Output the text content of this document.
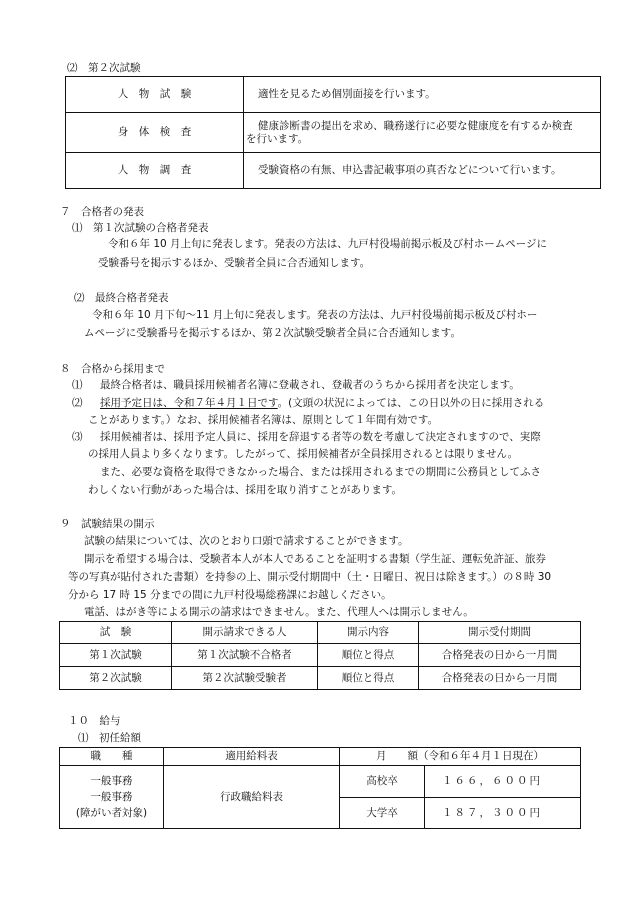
⑵　第２次試験
人　物　試　験	適性を見るため個別面接を行います。
身　体　検　査	健康診断書の提出を求め、職務遂行に必要な健康度を有するか検査
を行います。

人　物　調　査	受験資格の有無、申込書記載事項の真否などについて行います。
７　合格者の発表
⑴　第１次試験の合格者発表
令和６年 10 月上旬に発表します。発表の方法は、九戸村役場前掲示板及び村ホームページに
受験番号を掲示するほか、受験者全員に合否通知します。
⑵　最終合格者発表
令和６年 10 月下旬～11 月上旬に発表します。発表の方法は、九戸村役場前掲示板及び村ホー
ムページに受験番号を掲示するほか、第２次試験受験者全員に合否通知します。
８　合格から採用まで
⑴ 最終合格者は、職員採用候補者名簿に登載され、登載者のうちから採用者を決定します。
⑵ 採用予定日は、令和７年４月１日です。(文頭の状況によっては、この日以外の日に採用される
ことがあります。）なお、採用候補者名簿は、原則として１年間有効です。
⑶ 採用候補者は、採用予定人員に、採用を辞退する者等の数を考慮して決定されますので、実際
の採用人員より多くなります。したがって、採用候補者が全員採用されるとは限りません。
また、必要な資格を取得できなかった場合、または採用されるまでの期間に公務員としてふさ
わしくない行動があった場合は、採用を取り消すことがあります。
９　試験結果の開示
試験の結果については、次のとおり口頭で請求することができます。
開示を希望する場合は、受験者本人が本人であることを証明する書類（学生証、運転免許証、旅券
等の写真が貼付された書類）を持参の上、開示受付期間中（土・日曜日、祝日は除きます。）の８時 30
分から 17 時 15 分までの間に九戸村役場総務課にお越しください。
電話、はがき等による開示の請求はできません。また、代理人へは開示しません。
試　験	開示請求できる人	開示内容	開示受付期間
第１次試験	第１次試験不合格者	順位と得点	合格発表の日から一月間
第２次試験	第２次試験受験者	順位と得点	合格発表の日から一月間
１０　給与
⑴　初任給額
職　　種	適用給料表	月　　額（令和６年４月１日現在）	

一般事務
一般事務
(障がい者対象)	行政職給料表	高校卒	１６６，６００円
		大学卒	１８７，３００円
